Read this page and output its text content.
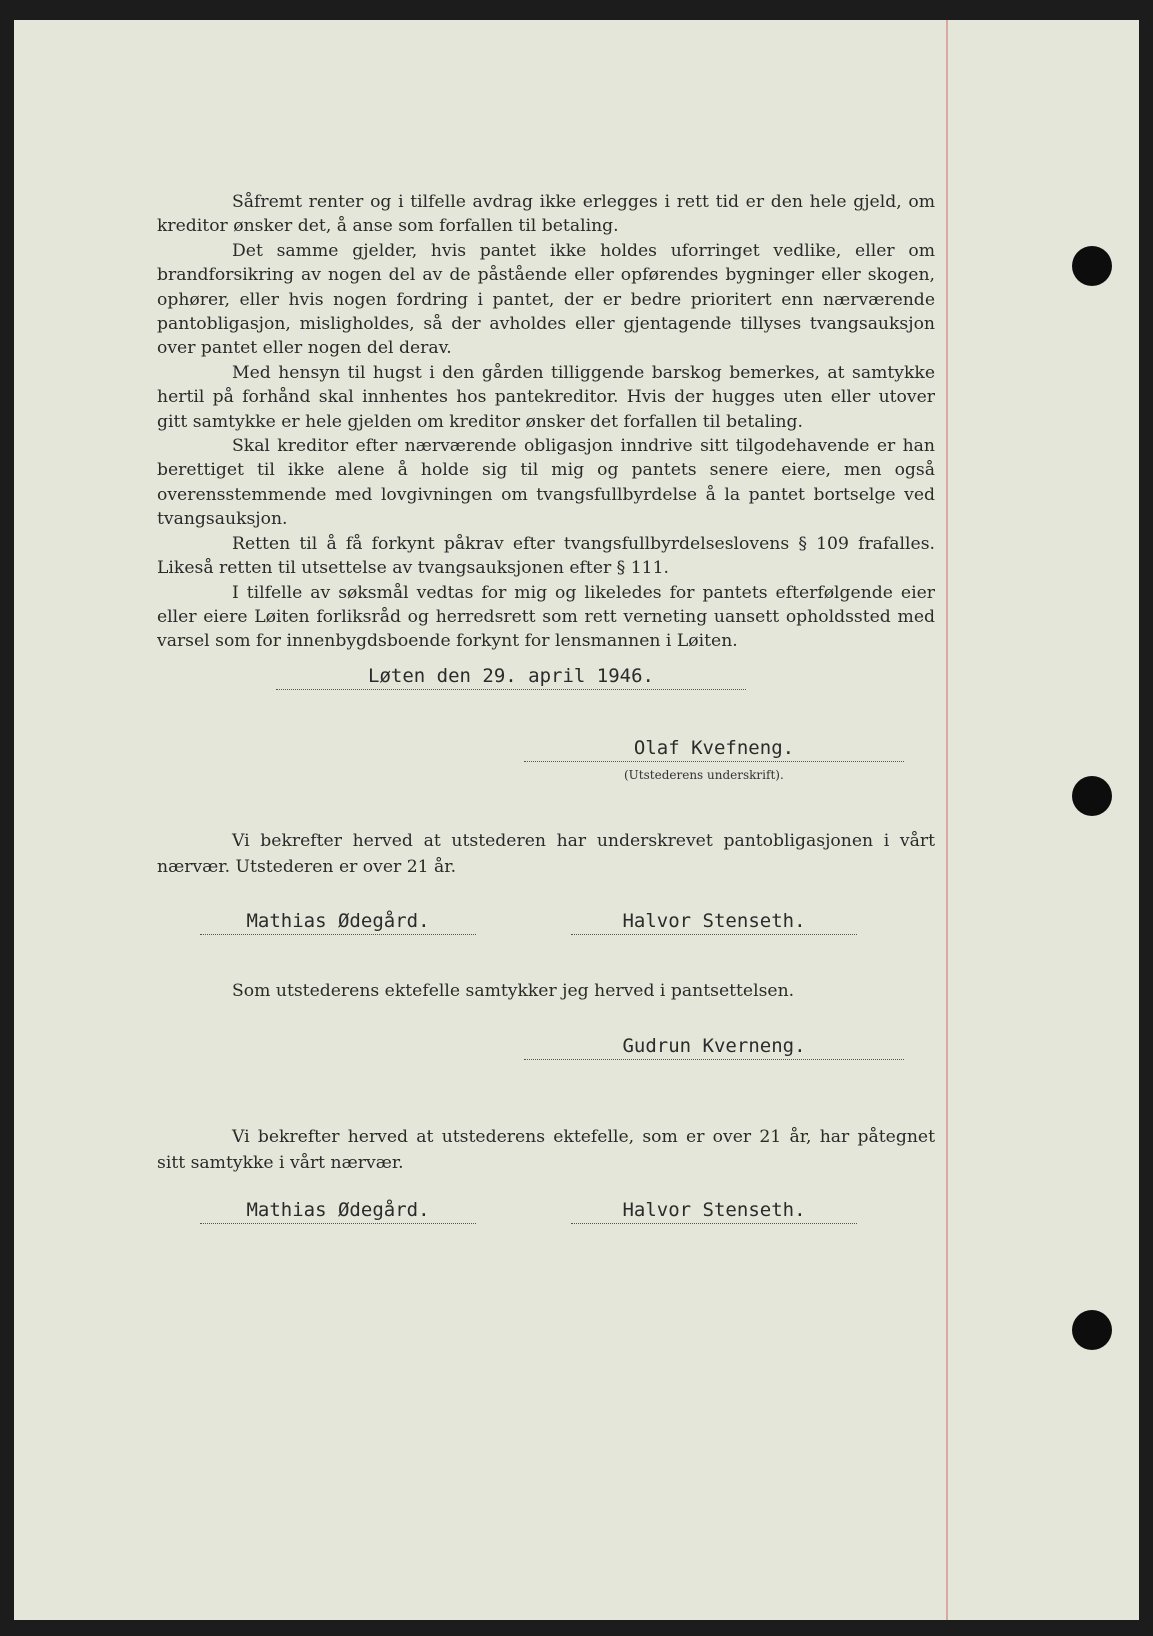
Såfremt renter og i tilfelle avdrag ikke erlegges i rett tid er den hele gjeld, om kreditor ønsker det, å anse som forfallen til betaling.

Det samme gjelder, hvis pantet ikke holdes uforringet vedlike, eller om brandforsikring av nogen del av de påstående eller opførendes bygninger eller skogen, ophører, eller hvis nogen fordring i pantet, der er bedre prioritert enn nærværende pantobligasjon, misligholdes, så der avholdes eller gjentagende tillyses tvangsauksjon over pantet eller nogen del derav.

Med hensyn til hugst i den gården tilliggende barskog bemerkes, at samtykke hertil på forhånd skal innhentes hos pantekreditor. Hvis der hugges uten eller utover gitt samtykke er hele gjelden om kreditor ønsker det forfallen til betaling.

Skal kreditor efter nærværende obligasjon inndrive sitt tilgodehavende er han berettiget til ikke alene å holde sig til mig og pantets senere eiere, men også overensstemmende med lovgivningen om tvangsfullbyrdelse å la pantet bortselge ved tvangsauksjon.

Retten til å få forkynt påkrav efter tvangsfullbyrdelseslovens § 109 frafalles. Likeså retten til utsettelse av tvangsauksjonen efter § 111.

I tilfelle av søksmål vedtas for mig og likeledes for pantets efterfølgende eier eller eiere Løiten forliksråd og herredsrett som rett verneting uansett opholdssted med varsel som for innenbygdsboende forkynt for lensmannen i Løiten.

Løten den 29. april 1946.
Olaf Kvefneng.
(Utstederens underskrift).

Vi bekrefter herved at utstederen har underskrevet pantobligasjonen i vårt nærvær. Utstederen er over 21 år.

Mathias Ødegård.	Halvor Stenseth.

Som utstederens ektefelle samtykker jeg herved i pantsettelsen.

Gudrun Kverneng.

Vi bekrefter herved at utstederens ektefelle, som er over 21 år, har påtegnet sitt samtykke i vårt nærvær.

Mathias Ødegård.	Halvor Stenseth.
